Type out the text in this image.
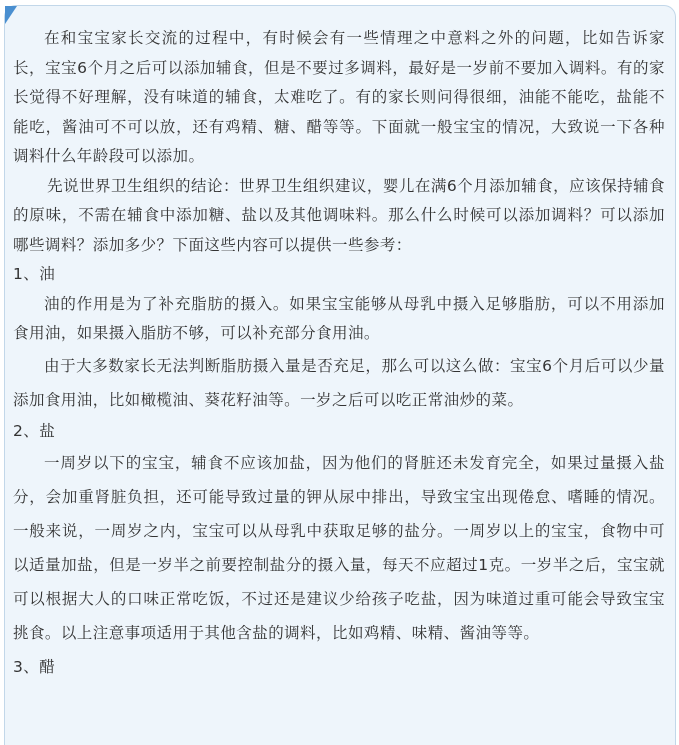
在和宝宝家长交流的过程中，有时候会有一些情理之中意料之外的问题，比如告诉家长，宝宝6个月之后可以添加辅食，但是不要过多调料，最好是一岁前不要加入调料。有的家长觉得不好理解，没有味道的辅食，太难吃了。有的家长则问得很细，油能不能吃，盐能不能吃，酱油可不可以放，还有鸡精、糖、醋等等。下面就一般宝宝的情况，大致说一下各种调料什么年龄段可以添加。

先说世界卫生组织的结论：世界卫生组织建议，婴儿在满6个月添加辅食，应该保持辅食的原味，不需在辅食中添加糖、盐以及其他调味料。那么什么时候可以添加调料？可以添加哪些调料？添加多少？下面这些内容可以提供一些参考：

1、油

油的作用是为了补充脂肪的摄入。如果宝宝能够从母乳中摄入足够脂肪，可以不用添加食用油，如果摄入脂肪不够，可以补充部分食用油。

由于大多数家长无法判断脂肪摄入量是否充足，那么可以这么做：宝宝6个月后可以少量添加食用油，比如橄榄油、葵花籽油等。一岁之后可以吃正常油炒的菜。

2、盐

一周岁以下的宝宝，辅食不应该加盐，因为他们的肾脏还未发育完全，如果过量摄入盐分，会加重肾脏负担，还可能导致过量的钾从尿中排出，导致宝宝出现倦怠、嗜睡的情况。一般来说，一周岁之内，宝宝可以从母乳中获取足够的盐分。一周岁以上的宝宝，食物中可以适量加盐，但是一岁半之前要控制盐分的摄入量，每天不应超过1克。一岁半之后，宝宝就可以根据大人的口味正常吃饭，不过还是建议少给孩子吃盐，因为味道过重可能会导致宝宝挑食。以上注意事项适用于其他含盐的调料，比如鸡精、味精、酱油等等。

3、醋
